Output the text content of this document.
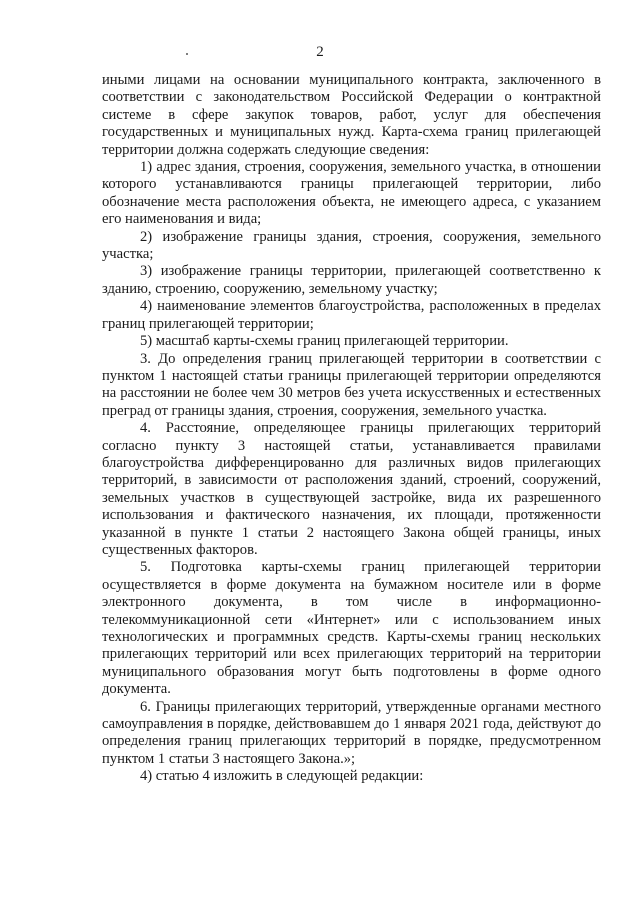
2

иными лицами на основании муниципального контракта, заключенного в соответствии с законодательством Российской Федерации о контрактной системе в сфере закупок товаров, работ, услуг для обеспечения государственных и муниципальных нужд. Карта-схема границ прилегающей территории должна содержать следующие сведения:

1) адрес здания, строения, сооружения, земельного участка, в отношении которого устанавливаются границы прилегающей территории, либо обозначение места расположения объекта, не имеющего адреса, с указанием его наименования и вида;

2) изображение границы здания, строения, сооружения, земельного участка;

3) изображение границы территории, прилегающей соответственно к зданию, строению, сооружению, земельному участку;

4) наименование элементов благоустройства, расположенных в пределах границ прилегающей территории;

5) масштаб карты-схемы границ прилегающей территории.

3. До определения границ прилегающей территории в соответствии с пунктом 1 настоящей статьи границы прилегающей территории определяются на расстоянии не более чем 30 метров без учета искусственных и естественных преград от границы здания, строения, сооружения, земельного участка.

4. Расстояние, определяющее границы прилегающих территорий согласно пункту 3 настоящей статьи, устанавливается правилами благоустройства дифференцированно для различных видов прилегающих территорий, в зависимости от расположения зданий, строений, сооружений, земельных участков в существующей застройке, вида их разрешенного использования и фактического назначения, их площади, протяженности указанной в пункте 1 статьи 2 настоящего Закона общей границы, иных существенных факторов.

5. Подготовка карты-схемы границ прилегающей территории осуществляется в форме документа на бумажном носителе или в форме электронного документа, в том числе в информационно-телекоммуникационной сети «Интернет» или с использованием иных технологических и программных средств. Карты-схемы границ нескольких прилегающих территорий или всех прилегающих территорий на территории муниципального образования могут быть подготовлены в форме одного документа.

6. Границы прилегающих территорий, утвержденные органами местного самоуправления в порядке, действовавшем до 1 января 2021 года, действуют до определения границ прилегающих территорий в порядке, предусмотренном пунктом 1 статьи 3 настоящего Закона.»;

4) статью 4 изложить в следующей редакции:
